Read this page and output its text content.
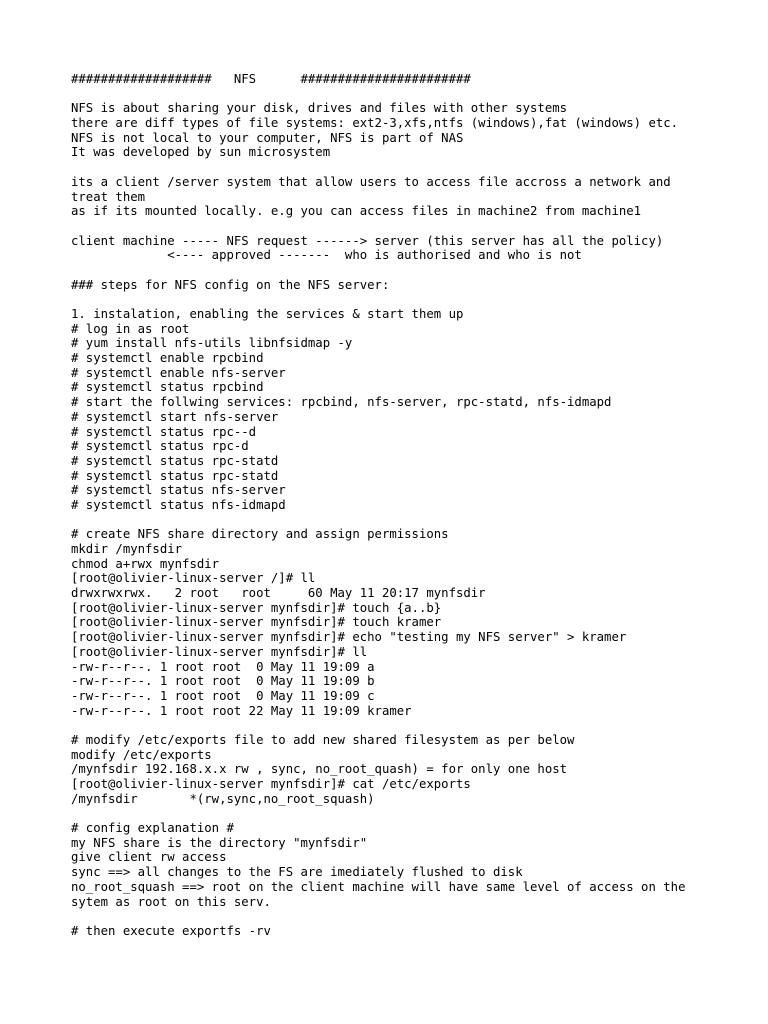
###################   NFS      #######################
NFS is about sharing your disk, drives and files with other systems
there are diff types of file systems: ext2-3,xfs,ntfs (windows),fat (windows) etc.
NFS is not local to your computer, NFS is part of NAS
It was developed by sun microsystem
its a client /server system that allow users to access file accross a network and
treat them
as if its mounted locally. e.g you can access files in machine2 from machine1
client machine ----- NFS request ------> server (this server has all the policy)
<---- approved -------  who is authorised and who is not
### steps for NFS config on the NFS server:
1. instalation, enabling the services & start them up
# log in as root
# yum install nfs-utils libnfsidmap -y
# systemctl enable rpcbind
# systemctl enable nfs-server
# systemctl status rpcbind
# start the follwing services: rpcbind, nfs-server, rpc-statd, nfs-idmapd
# systemctl start nfs-server
# systemctl status rpc--d
# systemctl status rpc-d
# systemctl status rpc-statd
# systemctl status rpc-statd
# systemctl status nfs-server
# systemctl status nfs-idmapd
# create NFS share directory and assign permissions
mkdir /mynfsdir
chmod a+rwx mynfsdir
[root@olivier-linux-server /]# ll
drwxrwxrwx.   2 root   root     60 May 11 20:17 mynfsdir
[root@olivier-linux-server mynfsdir]# touch {a..b}
[root@olivier-linux-server mynfsdir]# touch kramer
[root@olivier-linux-server mynfsdir]# echo "testing my NFS server" > kramer
[root@olivier-linux-server mynfsdir]# ll
-rw-r--r--. 1 root root  0 May 11 19:09 a
-rw-r--r--. 1 root root  0 May 11 19:09 b
-rw-r--r--. 1 root root  0 May 11 19:09 c
-rw-r--r--. 1 root root 22 May 11 19:09 kramer
# modify /etc/exports file to add new shared filesystem as per below
modify /etc/exports
/mynfsdir 192.168.x.x rw , sync, no_root_quash) = for only one host
[root@olivier-linux-server mynfsdir]# cat /etc/exports
/mynfsdir       *(rw,sync,no_root_squash)
# config explanation #
my NFS share is the directory "mynfsdir"
give client rw access
sync ==> all changes to the FS are imediately flushed to disk
no_root_squash ==> root on the client machine will have same level of access on the
sytem as root on this serv.
# then execute exportfs -rv
